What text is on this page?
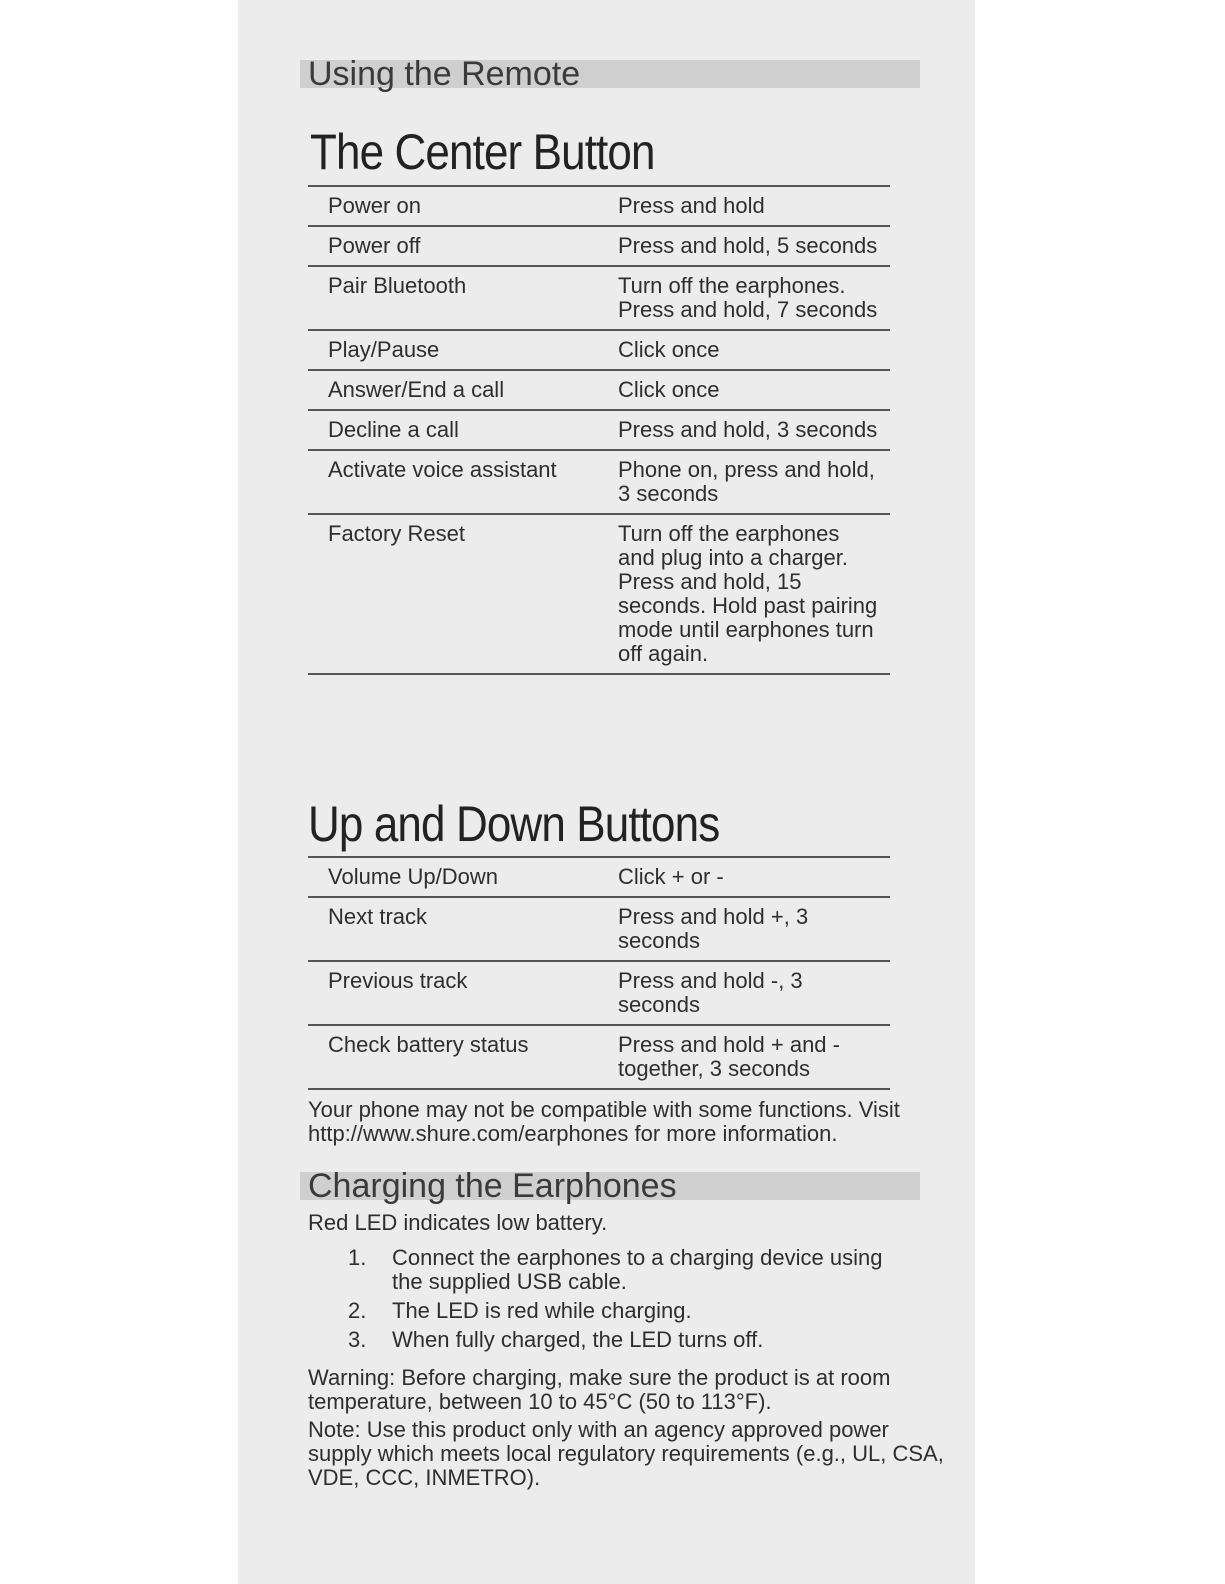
Using the Remote
The Center Button
Power on	Press and hold
Power off	Press and hold, 5 seconds
Pair Bluetooth	Turn off the earphones. Press and hold, 7 seconds
Play/Pause	Click once
Answer/End a call	Click once
Decline a call	Press and hold, 3 seconds
Activate voice assistant	Phone on, press and hold, 3 seconds
Factory Reset	Turn off the earphones and plug into a charger. Press and hold, 15 seconds. Hold past pairing mode until earphones turn off again.
Up and Down Buttons
Volume Up/Down	Click + or -
Next track	Press and hold +, 3 seconds
Previous track	Press and hold -, 3 seconds
Check battery status	Press and hold + and - together, 3 seconds
Your phone may not be compatible with some functions. Visit http://www.shure.com/earphones for more information.
Charging the Earphones
Red LED indicates low battery.
1. Connect the earphones to a charging device using the supplied USB cable.
2. The LED is red while charging.
3. When fully charged, the LED turns off.
Warning: Before charging, make sure the product is at room temperature, between 10 to 45°C (50 to 113°F).
Note: Use this product only with an agency approved power supply which meets local regulatory requirements (e.g., UL, CSA, VDE, CCC, INMETRO).
